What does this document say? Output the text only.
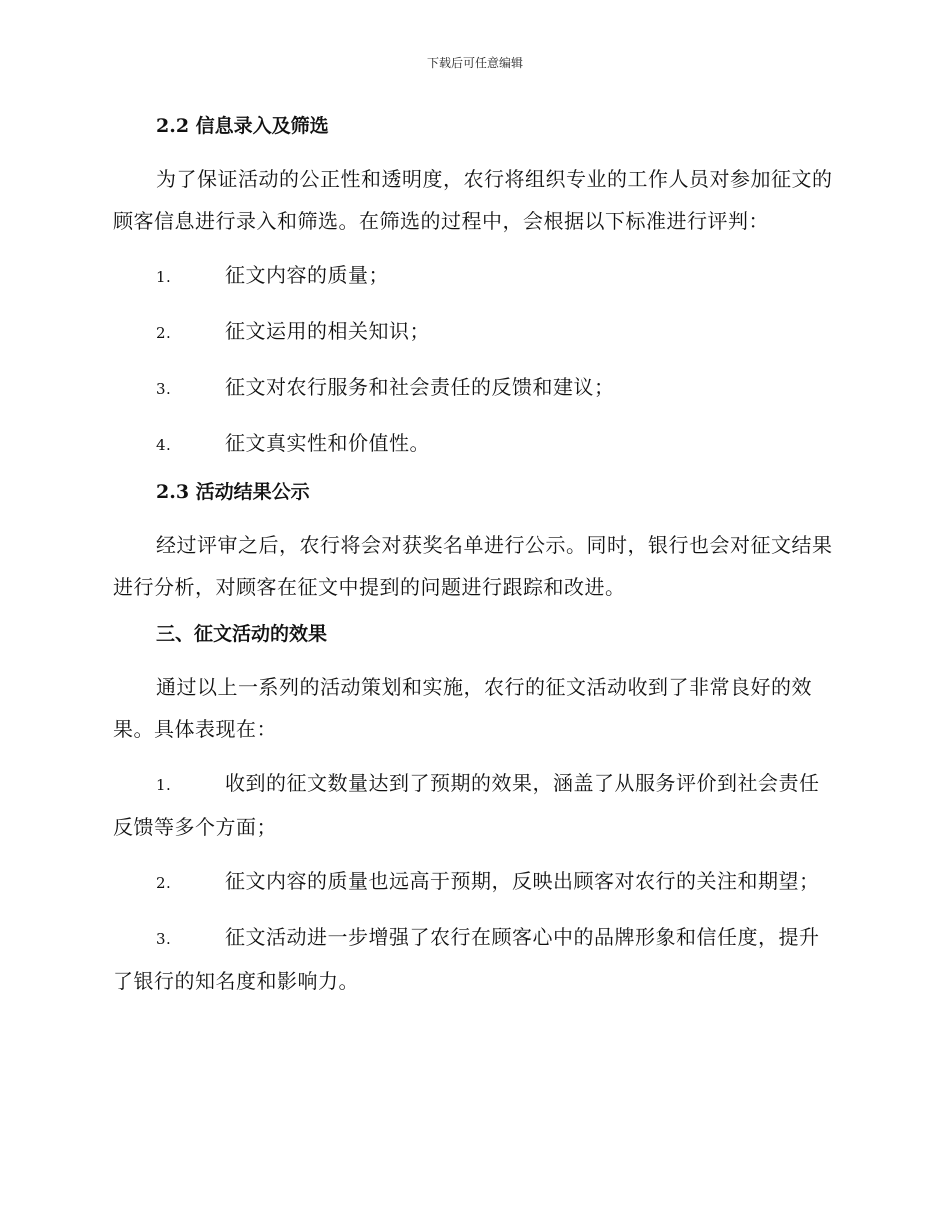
下载后可任意编辑
2.2 信息录入及筛选

为了保证活动的公正性和透明度，农行将组织专业的工作人员对参加征文的顾客信息进行录入和筛选。在筛选的过程中，会根据以下标准进行评判：

1.	征文内容的质量；
2.	征文运用的相关知识；
3.	征文对农行服务和社会责任的反馈和建议；
4.	征文真实性和价值性。
2.3 活动结果公示

经过评审之后，农行将会对获奖名单进行公示。同时，银行也会对征文结果进行分析，对顾客在征文中提到的问题进行跟踪和改进。

三、征文活动的效果

通过以上一系列的活动策划和实施，农行的征文活动收到了非常良好的效果。具体表现在：

1.	收到的征文数量达到了预期的效果，涵盖了从服务评价到社会责任反馈等多个方面；
2.	征文内容的质量也远高于预期，反映出顾客对农行的关注和期望；
3.	征文活动进一步增强了农行在顾客心中的品牌形象和信任度，提升了银行的知名度和影响力。
